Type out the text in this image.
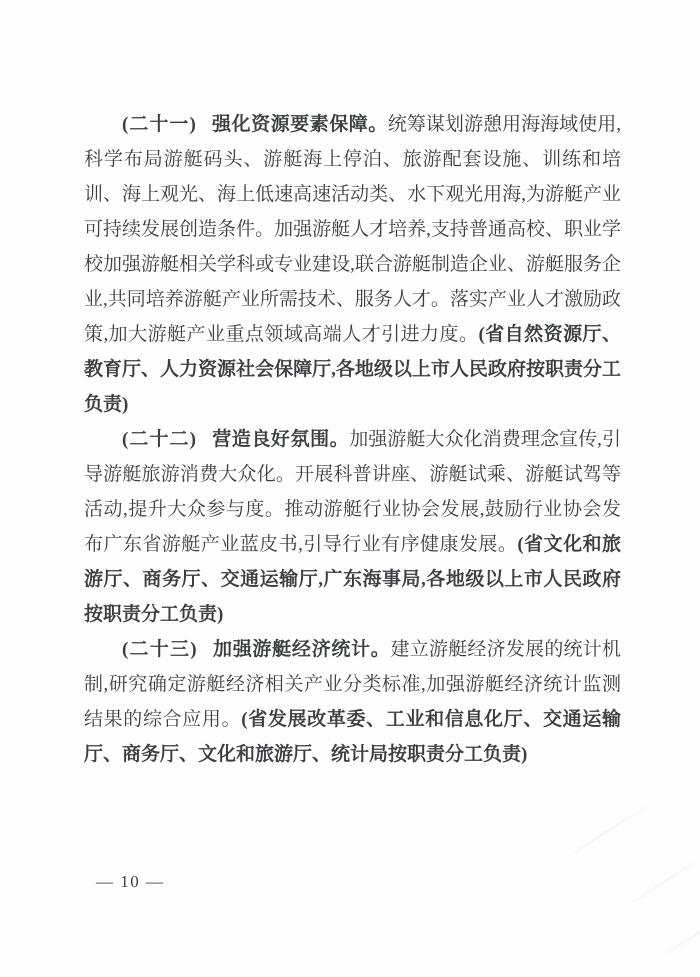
(二十一) 强化资源要素保障。统筹谋划游憩用海海域使用,科学布局游艇码头、游艇海上停泊、旅游配套设施、训练和培训、海上观光、海上低速高速活动类、水下观光用海,为游艇产业可持续发展创造条件。加强游艇人才培养,支持普通高校、职业学校加强游艇相关学科或专业建设,联合游艇制造企业、游艇服务企业,共同培养游艇产业所需技术、服务人才。落实产业人才激励政策,加大游艇产业重点领域高端人才引进力度。(省自然资源厅、教育厅、人力资源社会保障厅,各地级以上市人民政府按职责分工负责)

(二十二) 营造良好氛围。加强游艇大众化消费理念宣传,引导游艇旅游消费大众化。开展科普讲座、游艇试乘、游艇试驾等活动,提升大众参与度。推动游艇行业协会发展,鼓励行业协会发布广东省游艇产业蓝皮书,引导行业有序健康发展。(省文化和旅游厅、商务厅、交通运输厅,广东海事局,各地级以上市人民政府按职责分工负责)

(二十三) 加强游艇经济统计。建立游艇经济发展的统计机制,研究确定游艇经济相关产业分类标准,加强游艇经济统计监测结果的综合应用。(省发展改革委、工业和信息化厅、交通运输厅、商务厅、文化和旅游厅、统计局按职责分工负责)

— 10 —
